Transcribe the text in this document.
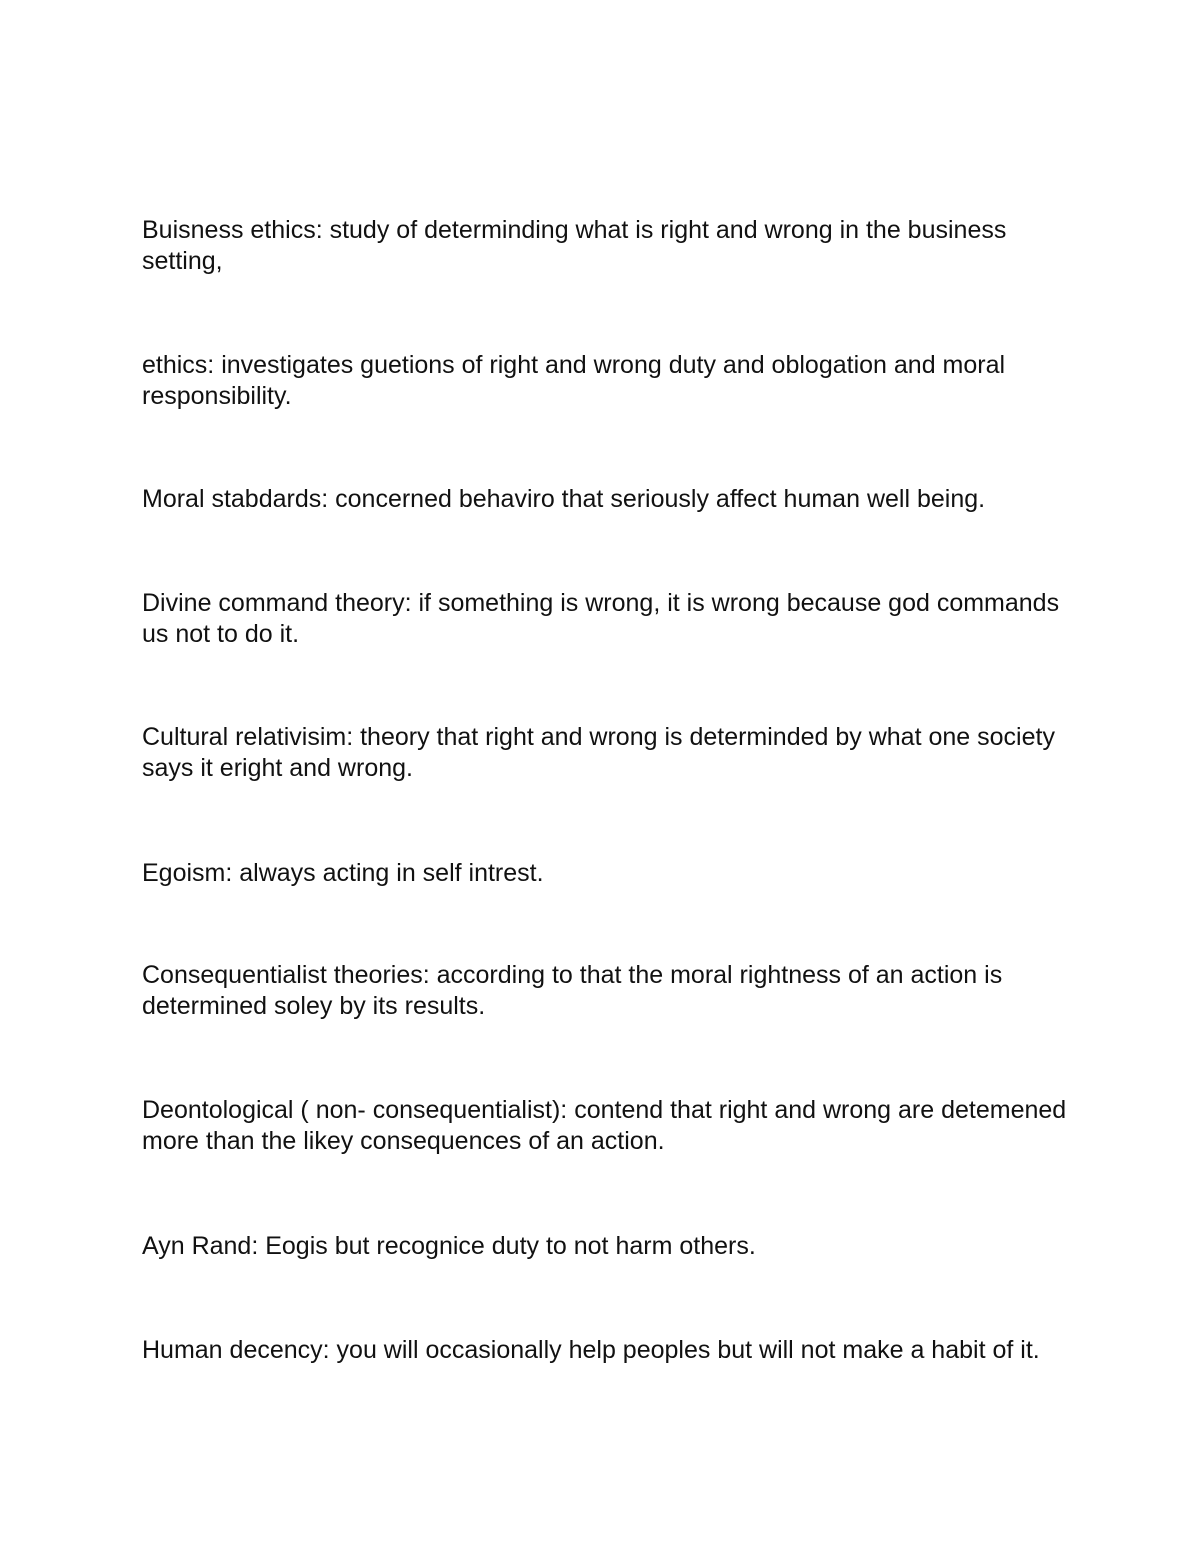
Buisness ethics: study of determinding what is right and wrong in the business setting,

ethics: investigates guetions of right and wrong duty and oblogation and moral responsibility.

Moral stabdards: concerned behaviro that seriously affect human well being.

Divine command theory: if something is wrong, it is wrong because god commands us not to do it.

Cultural relativisim: theory that right and wrong is determinded by what one society says it eright and wrong.

Egoism: always acting in self intrest.

Consequentialist theories: according to that the moral rightness of an action is determined soley by its results.

Deontological ( non- consequentialist): contend that right and wrong are detemened more than the likey consequences of an action.

Ayn Rand: Eogis but recognice duty to not harm others.

Human decency: you will occasionally help peoples but will not make a habit of it.
